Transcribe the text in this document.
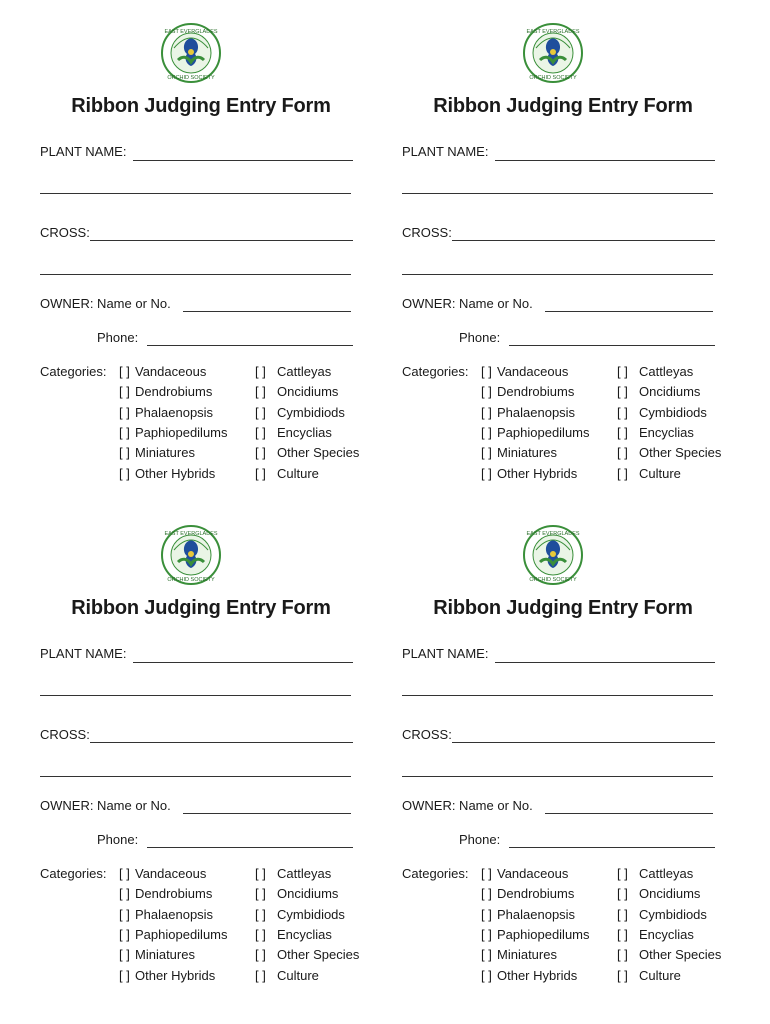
EAST EVERGLADES
ORCHID SOCIETY
Ribbon Judging Entry Form
PLANT NAME:
CROSS:
OWNER: Name or No.
Phone:
Categories: [ ] Vandaceous
[ ] Dendrobiums
[ ] Phalaenopsis
[ ] Paphiopedilums
[ ] Miniatures
[ ] Other Hybrids
[ ] Cattleyas
[ ] Oncidiums
[ ] Cymbidiods
[ ] Encyclias
[ ] Other Species
[ ] Culture
EAST EVERGLADES
ORCHID SOCIETY
Ribbon Judging Entry Form
PLANT NAME:
CROSS:
OWNER: Name or No.
Phone:
Categories: [ ] Vandaceous
[ ] Dendrobiums
[ ] Phalaenopsis
[ ] Paphiopedilums
[ ] Miniatures
[ ] Other Hybrids
[ ] Cattleyas
[ ] Oncidiums
[ ] Cymbidiods
[ ] Encyclias
[ ] Other Species
[ ] Culture
EAST EVERGLADES
ORCHID SOCIETY
Ribbon Judging Entry Form
PLANT NAME:
CROSS:
OWNER: Name or No.
Phone:
Categories: [ ] Vandaceous
[ ] Dendrobiums
[ ] Phalaenopsis
[ ] Paphiopedilums
[ ] Miniatures
[ ] Other Hybrids
[ ] Cattleyas
[ ] Oncidiums
[ ] Cymbidiods
[ ] Encyclias
[ ] Other Species
[ ] Culture
EAST EVERGLADES
ORCHID SOCIETY
Ribbon Judging Entry Form
PLANT NAME:
CROSS:
OWNER: Name or No.
Phone:
Categories: [ ] Vandaceous
[ ] Dendrobiums
[ ] Phalaenopsis
[ ] Paphiopedilums
[ ] Miniatures
[ ] Other Hybrids
[ ] Cattleyas
[ ] Oncidiums
[ ] Cymbidiods
[ ] Encyclias
[ ] Other Species
[ ] Culture
